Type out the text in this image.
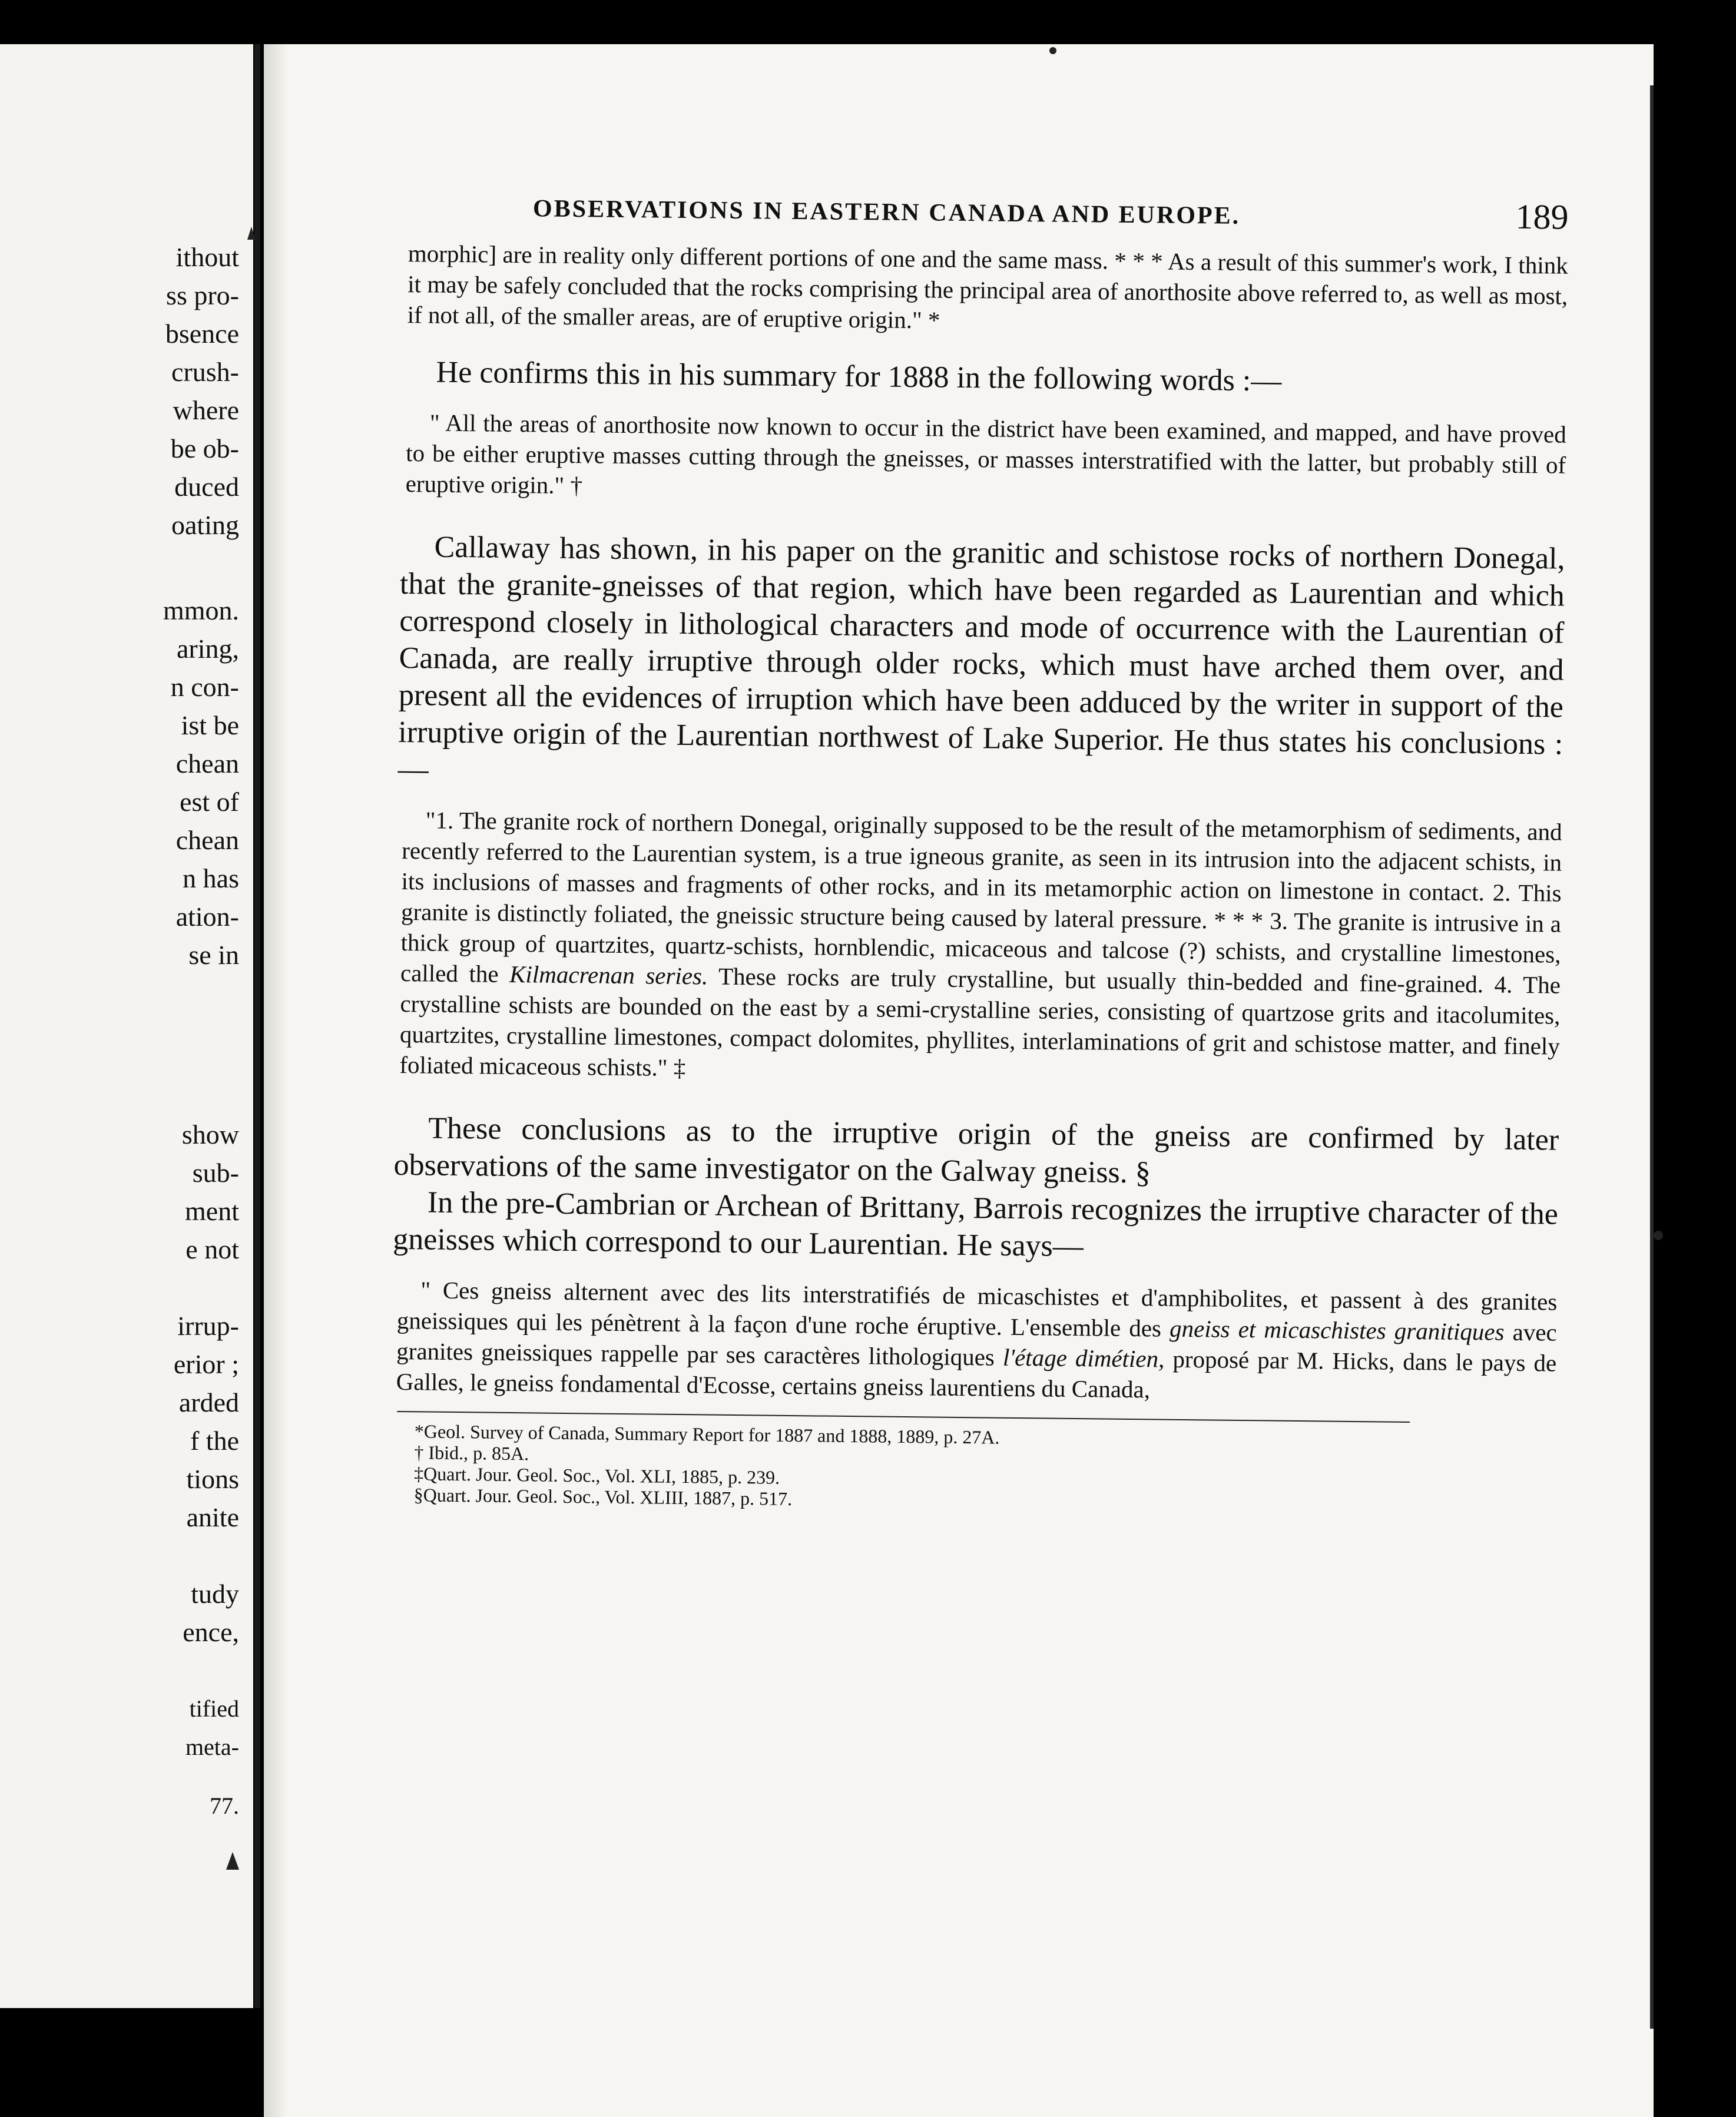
ithout
ss pro-
bsence
crush-
where
be ob-
duced
oating
mmon.
aring,
n con-
ist be
chean
est of
chean
n has
ation-
se in
show
sub-
ment
e not
irrup-
erior ;
arded
f the
tions
anite
tudy
ence,
tified
meta-
77.
OBSERVATIONS IN EASTERN CANADA AND EUROPE.	189

morphic] are in reality only different portions of one and the same mass. * * * As a result of this summer's work, I think it may be safely concluded that the rocks comprising the principal area of anorthosite above referred to, as well as most, if not all, of the smaller areas, are of eruptive origin." *

He confirms this in his summary for 1888 in the following words :—

" All the areas of anorthosite now known to occur in the district have been examined, and mapped, and have proved to be either eruptive masses cutting through the gneisses, or masses interstratified with the latter, but probably still of eruptive origin." †

Callaway has shown, in his paper on the granitic and schistose rocks of northern Donegal, that the granite-gneisses of that region, which have been regarded as Laurentian and which correspond closely in lithological characters and mode of occurrence with the Laurentian of Canada, are really irruptive through older rocks, which must have arched them over, and present all the evidences of irruption which have been adduced by the writer in support of the irruptive origin of the Laurentian northwest of Lake Superior. He thus states his conclusions :—

"1. The granite rock of northern Donegal, originally supposed to be the result of the metamorphism of sediments, and recently referred to the Laurentian system, is a true igneous granite, as seen in its intrusion into the adjacent schists, in its inclusions of masses and fragments of other rocks, and in its metamorphic action on limestone in contact. 2. This granite is distinctly foliated, the gneissic structure being caused by lateral pressure. * * * 3. The granite is intrusive in a thick group of quartzites, quartz-schists, hornblendic, micaceous and talcose (?) schists, and crystalline limestones, called the Kilmacrenan series. These rocks are truly crystalline, but usually thin-bedded and fine-grained. 4. The crystalline schists are bounded on the east by a semi-crystalline series, consisting of quartzose grits and itacolumites, quartzites, crystalline limestones, compact dolomites, phyllites, interlaminations of grit and schistose matter, and finely foliated micaceous schists." ‡

These conclusions as to the irruptive origin of the gneiss are confirmed by later observations of the same investigator on the Galway gneiss. §

In the pre-Cambrian or Archean of Brittany, Barrois recognizes the irruptive character of the gneisses which correspond to our Laurentian. He says—

" Ces gneiss alternent avec des lits interstratifiés de micaschistes et d'amphibolites, et passent à des granites gneissiques qui les pénètrent à la façon d'une roche éruptive. L'ensemble des gneiss et micaschistes granitiques avec granites gneissiques rappelle par ses caractères lithologiques l'étage dimétien, proposé par M. Hicks, dans le pays de Galles, le gneiss fondamental d'Ecosse, certains gneiss laurentiens du Canada,

*Geol. Survey of Canada, Summary Report for 1887 and 1888, 1889, p. 27A.
† Ibid., p. 85A.
‡Quart. Jour. Geol. Soc., Vol. XLI, 1885, p. 239.
§Quart. Jour. Geol. Soc., Vol. XLIII, 1887, p. 517.
